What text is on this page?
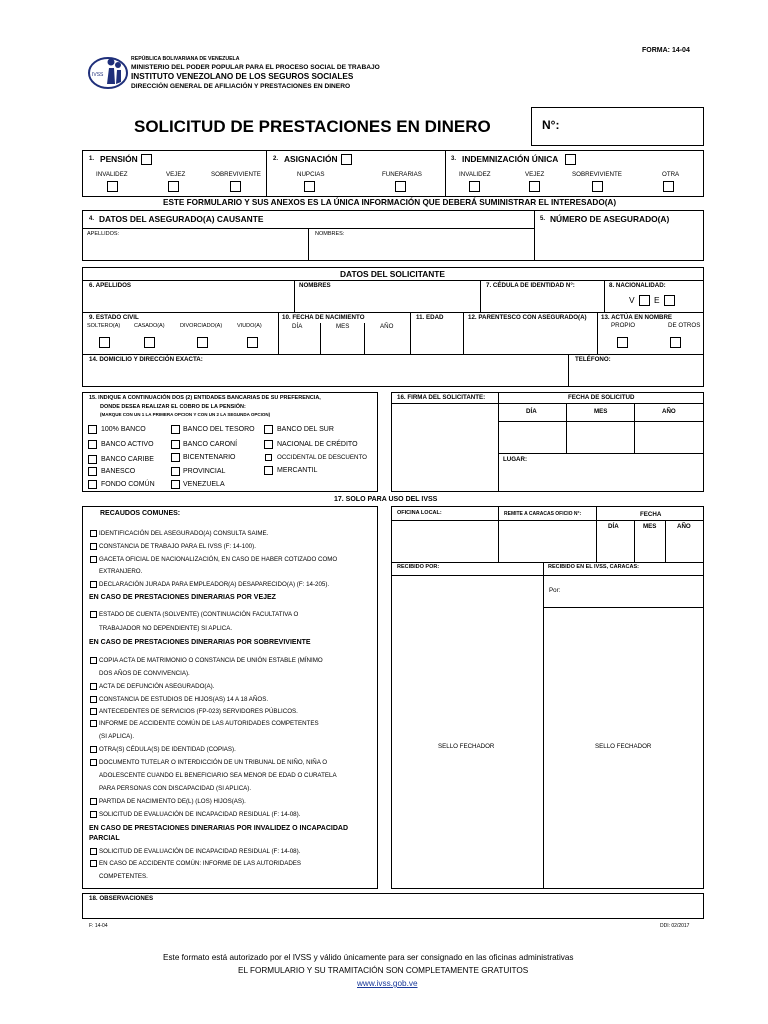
FORMA: 14-04
IVSS
REPÚBLICA BOLIVARIANA DE VENEZUELA
MINISTERIO DEL PODER POPULAR PARA EL PROCESO SOCIAL DE TRABAJO
INSTITUTO VENEZOLANO DE LOS SEGUROS SOCIALES
DIRECCIÓN GENERAL DE AFILIACIÓN Y PRESTACIONES EN DINERO
SOLICITUD DE PRESTACIONES EN DINERO	N°:
1. PENSIÓN
INVALIDEZ	VEJEZ	SOBREVIVIENTE
2. ASIGNACIÓN
NUPCIAS	FUNERARIAS
3. INDEMNIZACIÓN ÚNICA
INVALIDEZ	VEJEZ	SOBREVIVIENTE	OTRA
ESTE FORMULARIO Y SUS ANEXOS ES LA ÚNICA INFORMACIÓN QUE DEBERÁ SUMINISTRAR EL INTERESADO(A)
4. DATOS DEL ASEGURADO(A) CAUSANTE	5. NÚMERO DE ASEGURADO(A)
APELLIDOS:	NOMBRES:
DATOS DEL SOLICITANTE
6. APELLIDOS	NOMBRES	7. CÉDULA DE IDENTIDAD N°:	8. NACIONALIDAD:
V E
9. ESTADO CIVIL
SOLTERO(A)	CASADO(A)	DIVORCIADO(A)	VIUDO(A)
10. FECHA DE NACIMIENTO
DÍA	MES	AÑO
11. EDAD	12. PARENTESCO CON ASEGURADO(A) 13. ACTÚA EN NOMBRE
PROPIO	DE OTROS
14. DOMICILIO Y DIRECCIÓN EXACTA:	TELÉFONO:
15. INDIQUE A CONTINUACIÓN DOS (2) ENTIDADES BANCARIAS DE SU PREFERENCIA,
DONDE DESEA REALIZAR EL COBRO DE LA PENSIÓN:
(MARQUE CON UN 1 LA PRIMERA OPCION Y CON UN 2 LA SEGUNDA OPCION)
100% BANCO
BANCO ACTIVO
BANCO CARIBE
BANESCO
FONDO COMÚN
BANCO DEL TESORO
BANCO CARONÍ
BICENTENARIO
PROVINCIAL
VENEZUELA
BANCO DEL SUR
NACIONAL DE CRÉDITO
OCCIDENTAL DE DESCUENTO
MERCANTIL
16. FIRMA DEL SOLICITANTE:	FECHA DE SOLICITUD
DÍA	MES	AÑO
LUGAR:
17. SOLO PARA USO DEL IVSS
RECAUDOS COMUNES:
IDENTIFICACIÓN DEL ASEGURADO(A) CONSULTA SAIME.
CONSTANCIA DE TRABAJO PARA EL IVSS (F: 14-100).
GACETA OFICIAL DE NACIONALIZACIÓN, EN CASO DE HABER COTIZADO COMO
EXTRANJERO.
DECLARACIÓN JURADA PARA EMPLEADOR(A) DESAPARECIDO(A) (F: 14-205).
EN CASO DE PRESTACIONES DINERARIAS POR VEJEZ
ESTADO DE CUENTA (SOLVENTE) (CONTINUACIÓN FACULTATIVA O
TRABAJADOR NO DEPENDIENTE) SI APLICA.
EN CASO DE PRESTACIONES DINERARIAS POR SOBREVIVIENTE
COPIA ACTA DE MATRIMONIO O CONSTANCIA DE UNIÓN ESTABLE (MÍNIMO
DOS AÑOS DE CONVIVENCIA).
ACTA DE DEFUNCIÓN ASEGURADO(A).
CONSTANCIA DE ESTUDIOS DE HIJOS(AS) 14 A 18 AÑOS.
ANTECEDENTES DE SERVICIOS (FP-023) SERVIDORES PÚBLICOS.
INFORME DE ACCIDENTE COMÚN DE LAS AUTORIDADES COMPETENTES
(SI APLICA).
OTRA(S) CÉDULA(S) DE IDENTIDAD (COPIAS).
DOCUMENTO TUTELAR O INTERDICCIÓN DE UN TRIBUNAL DE NIÑO, NIÑA O
ADOLESCENTE CUANDO EL BENEFICIARIO SEA MENOR DE EDAD O CURATELA
PARA PERSONAS CON DISCAPACIDAD (SI APLICA).
PARTIDA DE NACIMIENTO DE(L) (LOS) HIJOS(AS).
SOLICITUD DE EVALUACIÓN DE INCAPACIDAD RESIDUAL (F: 14-08).
EN CASO DE PRESTACIONES DINERARIAS POR INVALIDEZ O INCAPACIDAD
PARCIAL
SOLICITUD DE EVALUACIÓN DE INCAPACIDAD RESIDUAL (F: 14-08).
EN CASO DE ACCIDENTE COMÚN: INFORME DE LAS AUTORIDADES
COMPETENTES.
OFICINA LOCAL:	REMITE A CARACAS OFICIO N°:	FECHA
DÍA	MES	AÑO
RECIBIDO POR:	RECIBIDO EN EL IVSS, CARACAS:
Por:
SELLO FECHADOR	SELLO FECHADOR
18. OBSERVACIONES
F: 14-04	DDI: 02/2017
Este formato está autorizado por el IVSS y válido únicamente para ser consignado en las oficinas administrativas
EL FORMULARIO Y SU TRAMITACIÓN SON COMPLETAMENTE GRATUITOS
www.ivss.gob.ve
